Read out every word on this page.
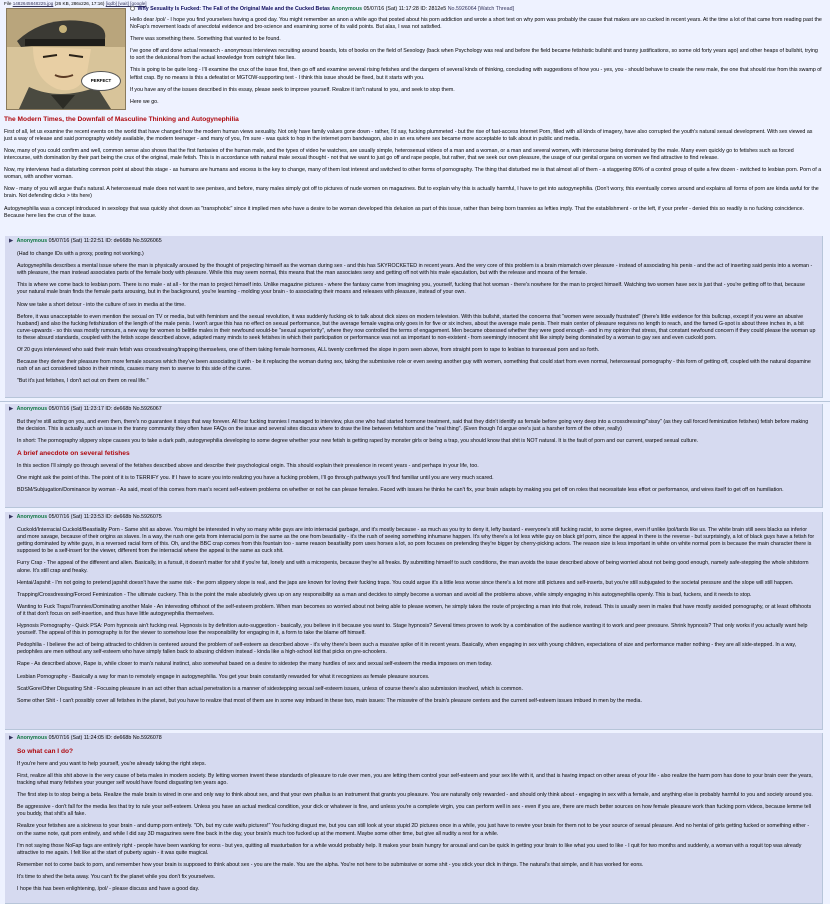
File 1482645848225.jpg (26 KB, 286x226, 17:16) [iqdb] [wait] [google]
PERFECT
Why Sexuality Is Fucked: The Fall of the Original Male and the Cucked Betas Anonymous 05/07/16 (Sat) 11:17:28 ID: 2812e5 No.5926064 [Watch Thread]

Hello dear /pol/ - I hope you find yourselves having a good day. You might remember an anon a while ago that posted about his porn addiction and wrote a short text on why porn was probably the cause that makes are so cucked in recent years. At the time a lot of that came from reading past the NoFap's movement loads of anecdotal evidence and bro-science and examining some of its valid points. But alas, I was not satisfied.

There was something there. Something that wanted to be found.

I've gone off and done actual research - anonymous interviews recruiting around boards, lots of books on the field of Sexology (back when Psychology was real and before the field became fetishistic bullshit and tranny justifications, so some old forty years ago) and other heaps of bullshit, trying to sort the delusional from the actual knowledge from outright fake lies.

This is going to be quite long - I'll examine the crux of the issue first, then go off and examine several rising fetishes and the dangers of several kinds of thinking, concluding with suggestions of how you - yes, you - should behave to create the new male, the one that should rise from this swamp of leftist crap. By no means is this a defeatist or MGTOW-supporting text - I think this issue should be fixed, but it starts with you.

If you have any of the issues described in this essay, please seek to improve yourself. Realize it isn't natural to you, and seek to stop them.

Here we go.

The Modern Times, the Downfall of Masculine Thinking and Autogynephilia

First of all, let us examine the recent events on the world that have changed how the modern human views sexuality. Not only have family values gone down - rather, I'd say, fucking plummeted - but the rise of fast-access Internet Porn, filled with all kinds of imagery, have also corrupted the youth's natural sexual development. With sex viewed as just a way of release and said pornography widely available, the modern teenager - and many of you, I'm sure - was quick to hop in the internet porn bandwagon, also in an era where sex became more acceptable to talk about in public and media.

Now, many of you could confirm and well, common sense also shows that the first fantasies of the human male, and the types of video he watches, are usually simple, heterosexual videos of a man and a woman, or a man and several women, with intercourse being dominated by the male. Many even quickly go to fetishes such as forced intercourse, with domination by their part being the crux of the original, male fetish. This is in accordance with natural male sexual thought - not that we want to just go off and rape people, but rather, that we seek our own pleasure, the usage of our genital organs on women we find attractive to find release.

Now, my interviews had a disturbing common point at about this stage - as humans are humans and excess is the key to change, many of them lost interest and switched to other forms of pornography. The thing that disturbed me is that almost all of them - a staggering 80% of a control group of quite a few dozen - switched to lesbian porn. Porn of a woman, with another woman.

Now - many of you will argue that's natural. A heterosexual male does not want to see penises, and before, many males simply got off to pictures of nude women on magazines. But to explain why this is actually harmful, I have to get into autogynephilia. (Don't worry, this eventually comes around and explains all forms of porn are kinda awful for the brain. Not defending dicks > tits here)

Autogynephilia was a concept introduced in sexology that was quickly shot down as "transphobic" since it implied men who have a desire to be woman developed this delusion as part of this issue, rather than being born trannies as lefties imply. That the establishment - or the left, if your prefer - denied this so readily is no fucking coincidence. Because here lies the crux of the issue.

▶ Anonymous 05/07/16 (Sat) 11:22:51 ID: de668b No.5926065

(Had to change IDs with a proxy, posting not working.)

Autogynephilia describes a mental issue where the man is physically aroused by the thought of projecting himself as the woman during sex - and this has SKYROCKETED in recent years. And the very core of this problem is a brain mismatch over pleasure - instead of associating his penis - and the act of inserting said penis into a woman - with pleasure, the man instead associates parts of the female body with pleasure. While this may seem normal, this means that the man associates sexy and getting off not with his male ejaculation, but with the release and moans of the female.

This is where we come back to lesbian porn. There is no male - at all - for the man to project himself into. Unlike magazine pictures - where the fantasy came from imagining you, yourself, fucking that hot woman - there's nowhere for the man to project himself. Watching two women have sex is just that - you're getting off to that, because your natural male brain finds the female parts arousing, but in the background, you're learning - molding your brain - to associating their moans and releases with pleasure, instead of your own.

Now we take a short detour - into the culture of sex in media at the time.

Before, it was unacceptable to even mention the sexual on TV or media, but with feminism and the sexual revolution, it was suddenly fucking ok to talk about dick sizes on modern television. With this bullshit, started the concerns that "women were sexually frustrated" (there's little evidence for this bullcrap, except if you were an abusive husband) and also the fucking fetishization of the length of the male penis. I won't argue this has no effect on sexual performance, but the average female vagina only goes in for five or six inches, about the average male penis. Their main center of pleasure requires no length to reach, and the famed G-spot is about three inches in, a bit curve-upwards - so this was mostly rumours, a new way for women to belittle males in their newfound would-be "sexual superiority", where they now controlled the terms of engagement. Men became obsessed whether they were good enough - and in my opinion that stress, that constant newfound concern if they could please the woman up to these absurd standards, coupled with the fetish scope described above, adapted many minds to seek fetishes in which their participation or performance was not as important to non-existent - from seemingly innocent shit like simply being dominated by a woman to gay sex and even cuckold porn.

Of 20 guys interviewed who said their main fetish was crossdressing/trapping themselves, one of them taking female hormones, ALL twenty confirmed the slope in porn seen above, from straight porn to rape to lesbian to transexual porn and so forth.

Because they derive their pleasure from more female sources which they've been associating it with - be it replacing the woman during sex, taking the submissive role or even seeing another guy with women, something that could start from even normal, heterosexual pornography - this form of getting off, coupled with the natural dopamine rush of an act considered taboo in their minds, causes many men to swerve to this side of the curve.

"But it's just fetishes, I don't act out on them on real life."

▶ Anonymous 05/07/16 (Sat) 11:23:17 ID: de668b No.5926067

But they're still acting on you, and even then, there's no guarantee it stays that way forever. All four fucking trannies I managed to interview, plus one who had started hormone treatment, said that they didn't identify as female before going very deep into a crossdressing/"sissy" (as they call forced feminization fetishes) fetish before making the decision. This is actually such an issue in the tranny community they often have FAQs on the issue and several sites discuss where to draw the line between fetishism and the "real thing". (Even though I'd argue one's just a harsher form of the other, really)

In short: The pornography slippery slope causes you to take a dark path, autogynephilia developing to some degree whether your new fetish is getting raped by monster girls or being a trap, you should know that shit is NOT natural. It is the fault of porn and our current, warped sexual culture.

A brief anecdote on several fetishes

In this section I'll simply go through several of the fetishes described above and describe their psychological origin. This should explain their prevalence in recent years - and perhaps in your life, too.

One might ask the point of this. The point of it is to TERRIFY you. If I have to scare you into realizing you have a fucking problem, I'll go through pathways you'll find familiar until you are very much scared.

BDSM/Subjugation/Dominance by woman - As said, most of this comes from man's recent self-esteem problems on whether or not he can please females. Faced with issues he thinks he can't fix, your brain adapts by making you get off on roles that necessitate less effort or performance, and wires itself to get off on humiliation.

▶ Anonymous 05/07/16 (Sat) 11:23:53 ID: de668b No.5926075

Cuckold/Interracial Cuckold/Beastiality Porn - Same shit as above. You might be interested in why so many white guys are into interracial garbage, and it's mostly because - as much as you try to deny it, lefty bastard - everyone's still fucking racist, to some degree, even if unlike /pol/tards like us. The white brain still sees blacks as inferior and more savage, because of their origins as slaves. In a way, the rush one gets from interracial porn is the same as the one from beastiality - it's the rush of seeing something inhumane happen. It's why there's a lot less white guy on black girl porn, since the appeal in there is the reverse - but surprisingly, a lot of black guys have a fetish for getting dominated by white guys, in a reversed racial form of this. Oh, and the BBC crap comes from this fountain too - same reason beastiality porn uses horses a lot, so porn focuses on pretending they're bigger by cherry-picking actors. The reason size is less important in white on white normal porn is because the main character there is supposed to be a self-insert for the viewer, different from the interracial where the appeal is the same as cuck shit.

Furry Crap - The appeal of the different and alien. Basically, in a fursuit, it doesn't matter for shit if you're fat, lonely and with a micropenis, because they're all freaks. By submitting himself to such conditions, the man avoids the issue described above of being worried about not being good enough, namely safe-stepping the whole shitstorm alone. It's still crap and freaky.

Hentai/Japshit - I'm not going to pretend japshit doesn't have the same risk - the porn slippery slope is real, and the japs are known for loving their fucking traps. You could argue it's a little less worse since there's a lot more still pictures and self-inserts, but you're still subjugated to the societal pressure and the slope will still happen.

Trapping/Crossdressing/Forced Feminization - The ultimate cuckery. This is the point the male absolutely gives up on any responsibility as a man and decides to simply become a woman and avoid all the problems above, while simply engaging in his autogynephilia openly. This is bad, fuckers, and it needs to stop.

Wanting to Fuck Traps/Trannies/Dominating another Male - An interesting offshoot of the self-esteem problem. When man becomes so worried about not being able to please women, he simply takes the route of projecting a man into that role, instead. This is usually seen in males that have mostly avoided pornography, or at least offshoots of it that don't focus on self-insertion, and thus have little autogynephilia themselves.

Hypnosis Pornography - Quick PSA: Porn hypnosis ain't fucking real. Hypnosis is by definition auto-suggestion - basically, you believe in it because you want to. Stage hypnosis? Several times proven to work by a combination of the audience wanting it to work and peer pressure. Shrink hypnosis? That only works if you actually want help yourself. The appeal of this in pornography is for the viewer to somehow lose the responsibility for engaging in it, a form to take the blame off himself.

Pedophilia - I believe the act of being attracted to children is centered around the problem of self-esteem as described above - it's why there's been such a massive spike of it in recent years. Basically, when engaging in sex with young children, expectations of size and performance matter nothing - they are all side-stepped. In a way, pedophiles are men without any self-esteem who have simply fallen back to abusing children instead - kinda like a high-school kid that picks on pre-schoolers.

Rape - As described above, Rape is, while closer to man's natural instinct, also somewhat based on a desire to sidestep the many hurdles of sex and sexual self-esteem the media imposes on men today.

Lesbian Pornography - Basically a way for man to remotely engage in autogynephilia. You get your brain constantly rewarded for what it recognizes as female pleasure sources.

Scat/Gore/Other Disgusting Shit - Focusing pleasure in an act other than actual penetration is a manner of sidestepping sexual self-esteem issues, unless of course there's also submission involved, which is common.

Some other Shit - I can't possibly cover all fetishes in the planet, but you have to realize that most of them are in some way imbued in these two, main issues: The misswire of the brain's pleasure centers and the current self-esteem issues imbued in men by the media.

▶ Anonymous 05/07/16 (Sat) 11:24:05 ID: de668b No.5926078
So what can I do?

If you're here and you want to help yourself, you're already taking the right steps.

First, realize all this shit above is the very cause of beta males in modern society. By letting women invent these standards of pleasure to rule over men, you are letting them control your self-esteem and your sex life with it, and that is having impact on other areas of your life - also realize the harm porn has done to your brain over the years, tracking what many fetishes your younger self would have found disgusting ten years ago.

The first step is to stop being a beta. Realize the male brain is wired in one and only way to think about sex, and that your own phallus is an instrument that grants you pleasure. You are naturally only rewarded - and should only think about - engaging in sex with a female, and anything else is probably harmful to you and society around you.

Be aggressive - don't fall for the media lies that try to rule your self-esteem. Unless you have an actual medical condition, your dick or whatever is fine, and unless you're a complete virgin, you can perform well in sex - even if you are, there are much better sources on how female pleasure work than fucking porn videos, because lemme tell you buddy, that shit's all fake.

Realize your fetishes are a sickness to your brain - and dump porn entirely. "Oh, but my cute waifu pictures!" You fucking disgust me, but you can still look at your stupid 2D pictures once in a while, you just have to rewire your brain for them not to be your source of sexual pleasure. And no hentai of girls getting fucked or something either - on the same note, quit porn entirely, and while I did say 3D magazines were fine back in the day, your brain's much too fucked up at the moment. Maybe some other time, but give all nudity a rest for a while.

I'm not saying those NoFap fags are entirely right - people have been wanking for eons - but yes, quitting all masturbation for a while would probably help. It makes your brain hungry for arousal and can be quick in getting your brain to like what you used to like - I quit for two months and suddenly, a woman with a roquit top was already attractive to me again. I felt like at the start of puberty again - it was quite magical.

Remember not to come back to porn, and remember how your brain is supposed to think about sex - you are the male. You are the alpha. You're not here to be submissive or some shit - you stick your dick in things. The natural's that simple, and it has worked for eons.

It's time to shed the beta away. You can't fix the planet while you don't fix yourselves.

I hope this has been enlightening, /pol/ - please discuss and have a good day.
